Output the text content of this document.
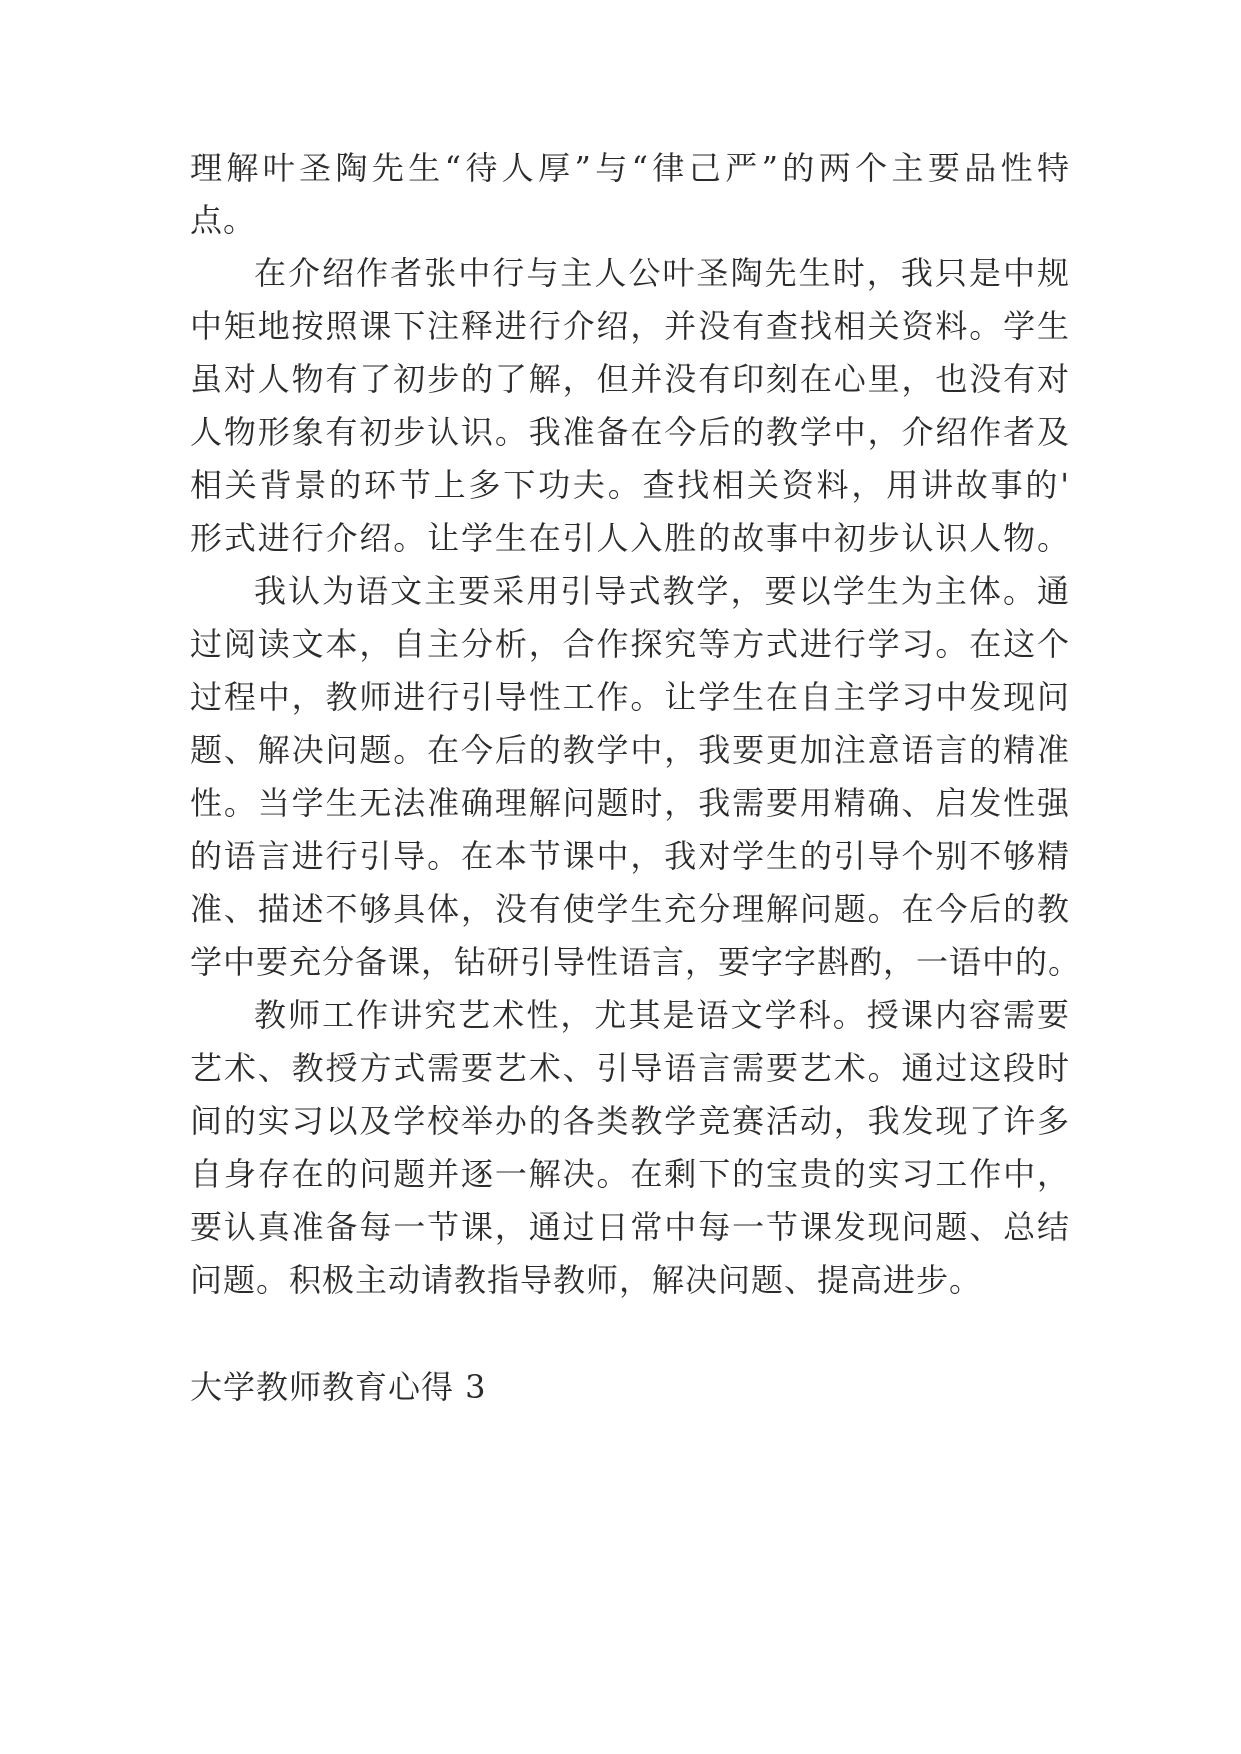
理解叶圣陶先生“待人厚”与“律己严”的两个主要品性特
点。
在介绍作者张中行与主人公叶圣陶先生时，我只是中规
中矩地按照课下注释进行介绍，并没有查找相关资料。学生
虽对人物有了初步的了解，但并没有印刻在心里，也没有对
人物形象有初步认识。我准备在今后的教学中，介绍作者及
相关背景的环节上多下功夫。查找相关资料，用讲故事的'
形式进行介绍。让学生在引人入胜的故事中初步认识人物。
我认为语文主要采用引导式教学，要以学生为主体。通
过阅读文本，自主分析，合作探究等方式进行学习。在这个
过程中，教师进行引导性工作。让学生在自主学习中发现问
题、解决问题。在今后的教学中，我要更加注意语言的精准
性。当学生无法准确理解问题时，我需要用精确、启发性强
的语言进行引导。在本节课中，我对学生的引导个别不够精
准、描述不够具体，没有使学生充分理解问题。在今后的教
学中要充分备课，钻研引导性语言，要字字斟酌，一语中的。
教师工作讲究艺术性，尤其是语文学科。授课内容需要
艺术、教授方式需要艺术、引导语言需要艺术。通过这段时
间的实习以及学校举办的各类教学竞赛活动，我发现了许多
自身存在的问题并逐一解决。在剩下的宝贵的实习工作中，
要认真准备每一节课，通过日常中每一节课发现问题、总结
问题。积极主动请教指导教师，解决问题、提高进步。
大学教师教育心得 3
